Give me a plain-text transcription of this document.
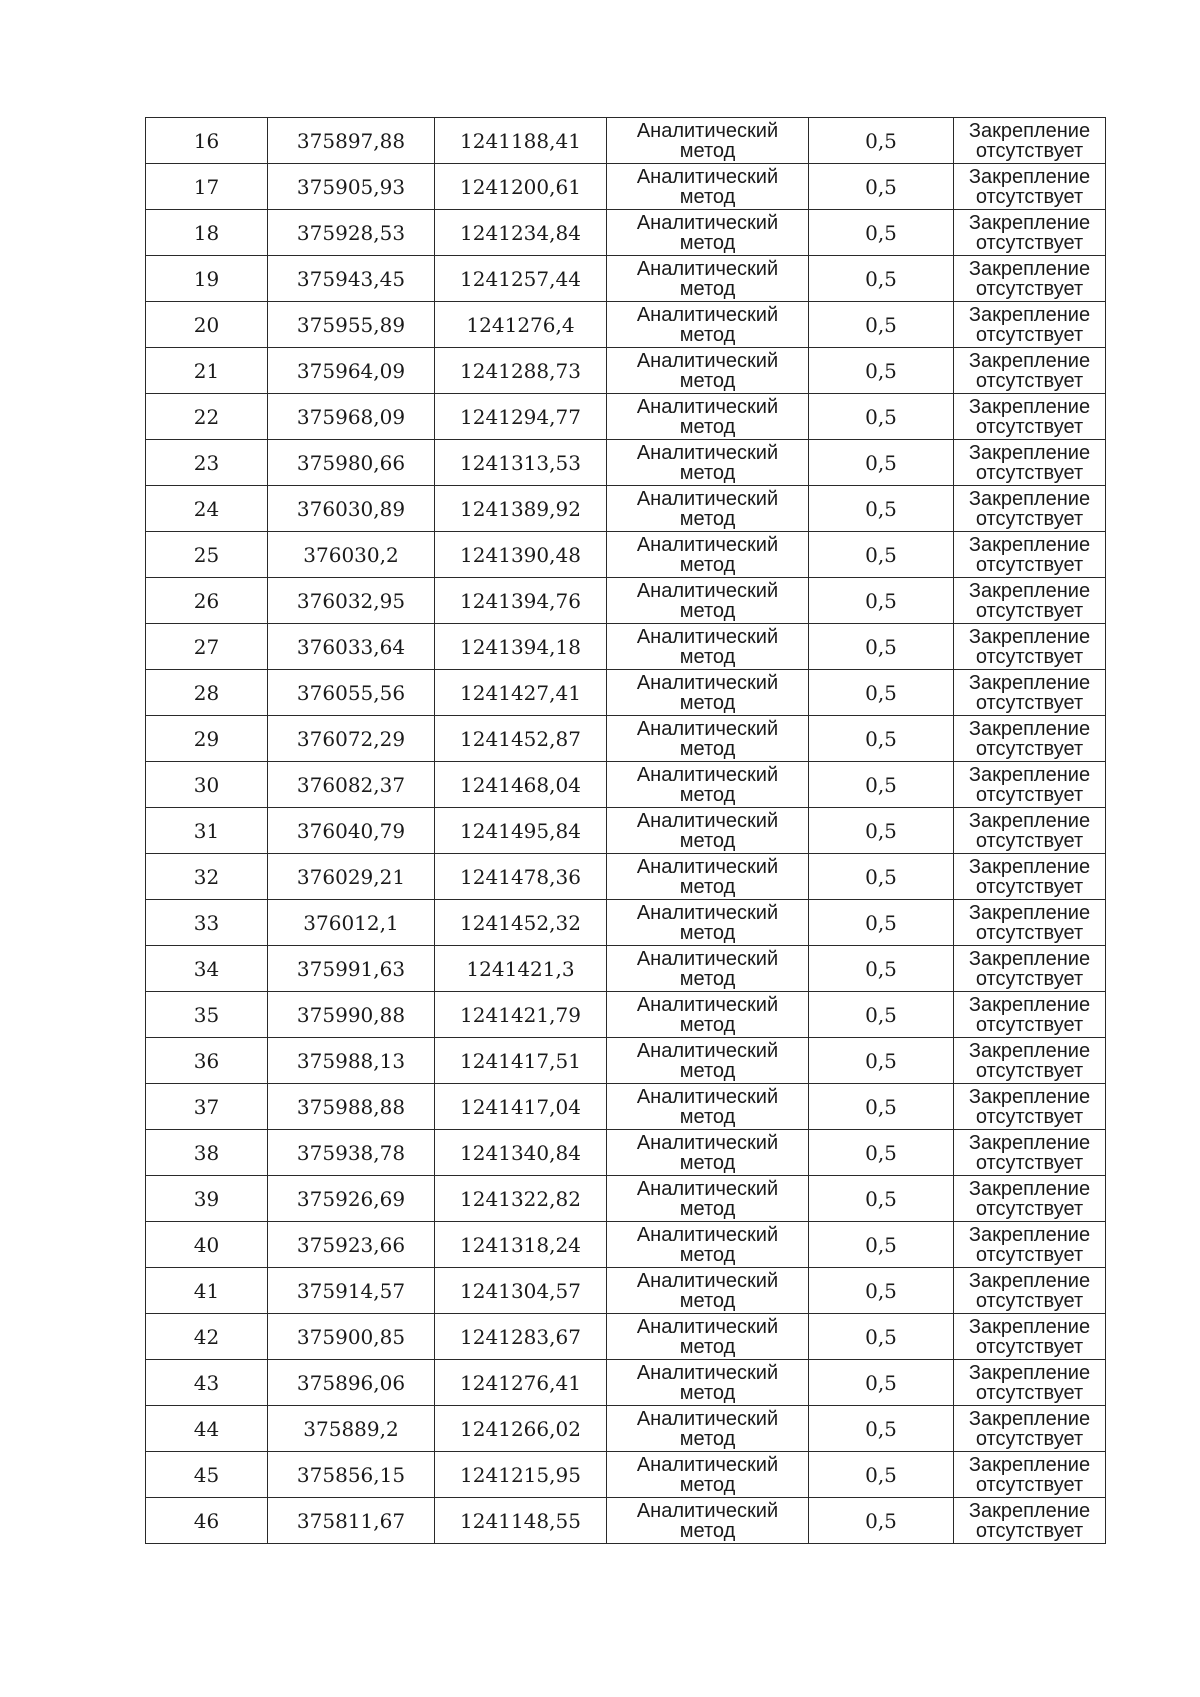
16	375897,88	1241188,41	Аналитический
метод	0,5	Закрепление
отсутствует

17	375905,93	1241200,61	Аналитический
метод	0,5	Закрепление
отсутствует

18	375928,53	1241234,84	Аналитический
метод	0,5	Закрепление
отсутствует

19	375943,45	1241257,44	Аналитический
метод	0,5	Закрепление
отсутствует

20	375955,89	1241276,4	Аналитический
метод	0,5	Закрепление
отсутствует

21	375964,09	1241288,73	Аналитический
метод	0,5	Закрепление
отсутствует

22	375968,09	1241294,77	Аналитический
метод	0,5	Закрепление
отсутствует

23	375980,66	1241313,53	Аналитический
метод	0,5	Закрепление
отсутствует

24	376030,89	1241389,92	Аналитический
метод	0,5	Закрепление
отсутствует

25	376030,2	1241390,48	Аналитический
метод	0,5	Закрепление
отсутствует

26	376032,95	1241394,76	Аналитический
метод	0,5	Закрепление
отсутствует

27	376033,64	1241394,18	Аналитический
метод	0,5	Закрепление
отсутствует

28	376055,56	1241427,41	Аналитический
метод	0,5	Закрепление
отсутствует

29	376072,29	1241452,87	Аналитический
метод	0,5	Закрепление
отсутствует

30	376082,37	1241468,04	Аналитический
метод	0,5	Закрепление
отсутствует

31	376040,79	1241495,84	Аналитический
метод	0,5	Закрепление
отсутствует

32	376029,21	1241478,36	Аналитический
метод	0,5	Закрепление
отсутствует

33	376012,1	1241452,32	Аналитический
метод	0,5	Закрепление
отсутствует

34	375991,63	1241421,3	Аналитический
метод	0,5	Закрепление
отсутствует

35	375990,88	1241421,79	Аналитический
метод	0,5	Закрепление
отсутствует

36	375988,13	1241417,51	Аналитический
метод	0,5	Закрепление
отсутствует

37	375988,88	1241417,04	Аналитический
метод	0,5	Закрепление
отсутствует

38	375938,78	1241340,84	Аналитический
метод	0,5	Закрепление
отсутствует

39	375926,69	1241322,82	Аналитический
метод	0,5	Закрепление
отсутствует

40	375923,66	1241318,24	Аналитический
метод	0,5	Закрепление
отсутствует

41	375914,57	1241304,57	Аналитический
метод	0,5	Закрепление
отсутствует

42	375900,85	1241283,67	Аналитический
метод	0,5	Закрепление
отсутствует

43	375896,06	1241276,41	Аналитический
метод	0,5	Закрепление
отсутствует

44	375889,2	1241266,02	Аналитический
метод	0,5	Закрепление
отсутствует

45	375856,15	1241215,95	Аналитический
метод	0,5	Закрепление
отсутствует

46	375811,67	1241148,55	Аналитический
метод	0,5	Закрепление
отсутствует
